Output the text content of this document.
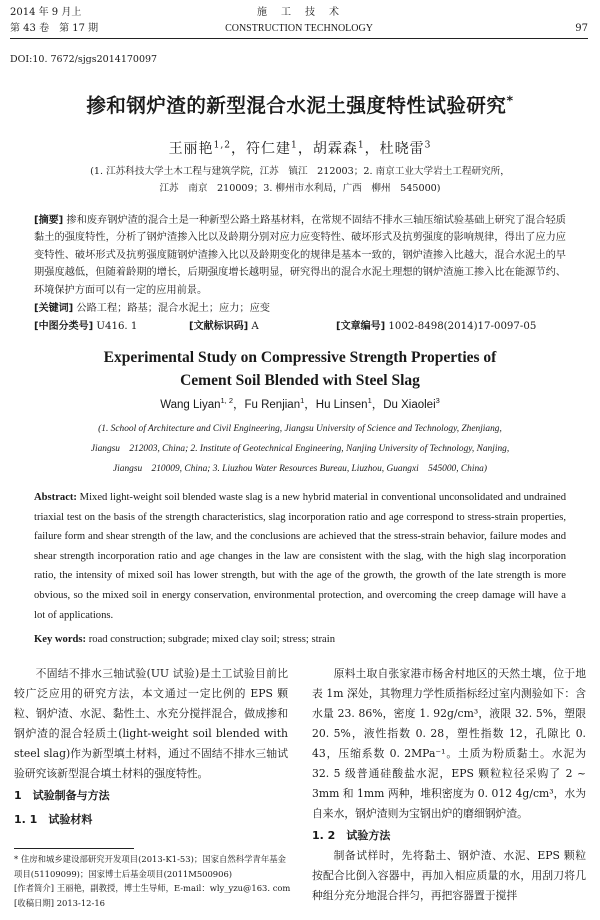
2014 年 9 月上	施　工　技　术
第 43 卷　第 17 期	CONSTRUCTION TECHNOLOGY	97
DOI:10. 7672/sjgs2014170097
掺和钢炉渣的新型混合水泥土强度特性试验研究*
王丽艳$^{1,2}$，符仁建$^1$，胡霖森$^1$，杜晓雷$^3$
(1. 江苏科技大学土木工程与建筑学院，江苏　镇江　212003；2. 南京工业大学岩土工程研究所，
江苏　南京　210009；3. 柳州市水利局，广西　柳州　545000)
[摘要] 掺和废弃钢炉渣的混合土是一种新型公路土路基材料，在常规不固结不排水三轴压缩试验基础上研究了混合轻质黏土的强度特性，分析了钢炉渣掺入比以及龄期分别对应力应变特性、破坏形式及抗剪强度的影响规律，得出了应力应变特性、破坏形式及抗剪强度随钢炉渣掺入比以及龄期变化的规律是基本一致的，钢炉渣掺入比越大，混合水泥土的早期强度越低，但随着龄期的增长，后期强度增长越明显，研究得出的混合水泥土理想的钢炉渣施工掺入比在能源节约、环境保护方面可以有一定的应用前景。
[关键词] 公路工程；路基；混合水泥土；应力；应变
[中图分类号] U416. 1	[文献标识码] A	[文章编号] 1002-8498(2014)17-0097-05
Experimental Study on Compressive Strength Properties of
Cement Soil Blended with Steel Slag
Wang Liyan$^{1, 2}$，Fu Renjian$^1$，Hu Linsen$^1$，Du Xiaolei$^3$
(1. School of Architecture and Civil Engineering, Jiangsu University of Science and Technology, Zhenjiang,
Jiangsu　212003, China; 2. Institute of Geotechnical Engineering, Nanjing University of Technology, Nanjing,
Jiangsu　210009, China; 3. Liuzhou Water Resources Bureau, Liuzhou, Guangxi　545000, China)
Abstract: Mixed light-weight soil blended waste slag is a new hybrid material in conventional unconsolidated and undrained triaxial test on the basis of the strength characteristics, slag incorporation ratio and age correspond to stress-strain properties, failure form and shear strength of the law, and the conclusions are achieved that the stress-strain behavior, failure modes and shear strength incorporation ratio and age changes in the law are consistent with the slag, with the high slag incorporation ratio, the intensity of mixed soil has lower strength, but with the age of the growth, the growth of the late strength is more obvious, so the mixed soil in energy conservation, environmental protection, and overcoming the creep damage will have a lot of applications.
Key words: road construction; subgrade; mixed clay soil; stress; strain

不固结不排水三轴试验(UU 试验)是土工试验目前比较广泛应用的研究方法，本文通过一定比例的 EPS 颗粒、钢炉渣、水泥、黏性土、水充分搅拌混合，做成掺和钢炉渣的混合轻质土(light-weight soil blended with steel slag)作为新型填土材料，通过不固结不排水三轴试验研究该新型混合填土材料的强度特性。

1　试验制备与方法
1. 1　试验材料
* 住房和城乡建设部研究开发项目(2013-K1-53)；国家自然科学青年基金项目(51109099)；国家博士后基金项目(2011M500906)
[作者简介] 王丽艳，副教授，博士生导师，E-mail：wly_yzu@163. com
[收稿日期] 2013-12-16

原料土取自张家港市杨舍村地区的天然土壤，位于地表 1m 深处，其物理力学性质指标经过室内测验如下：含水量 23. 86%，密度 1. 92g/cm³，液限 32. 5%，塑限 20. 5%，液性指数 0. 28，塑性指数 12，孔隙比 0. 43，压缩系数 0. 2MPa⁻¹。土质为粉质黏土。水泥为 32. 5 级普通硅酸盐水泥，EPS 颗粒粒径采购了 2 ~ 3mm 和 1mm 两种，堆积密度为 0. 012 4g/cm³，水为自来水，钢炉渣则为宝钢出炉的磨细钢炉渣。

1. 2　试验方法

制备试样时，先将黏土、钢炉渣、水泥、EPS 颗粒按配合比倒入容器中，再加入相应质量的水，用刮刀将几种组分充分地混合拌匀，再把容器置于搅拌
